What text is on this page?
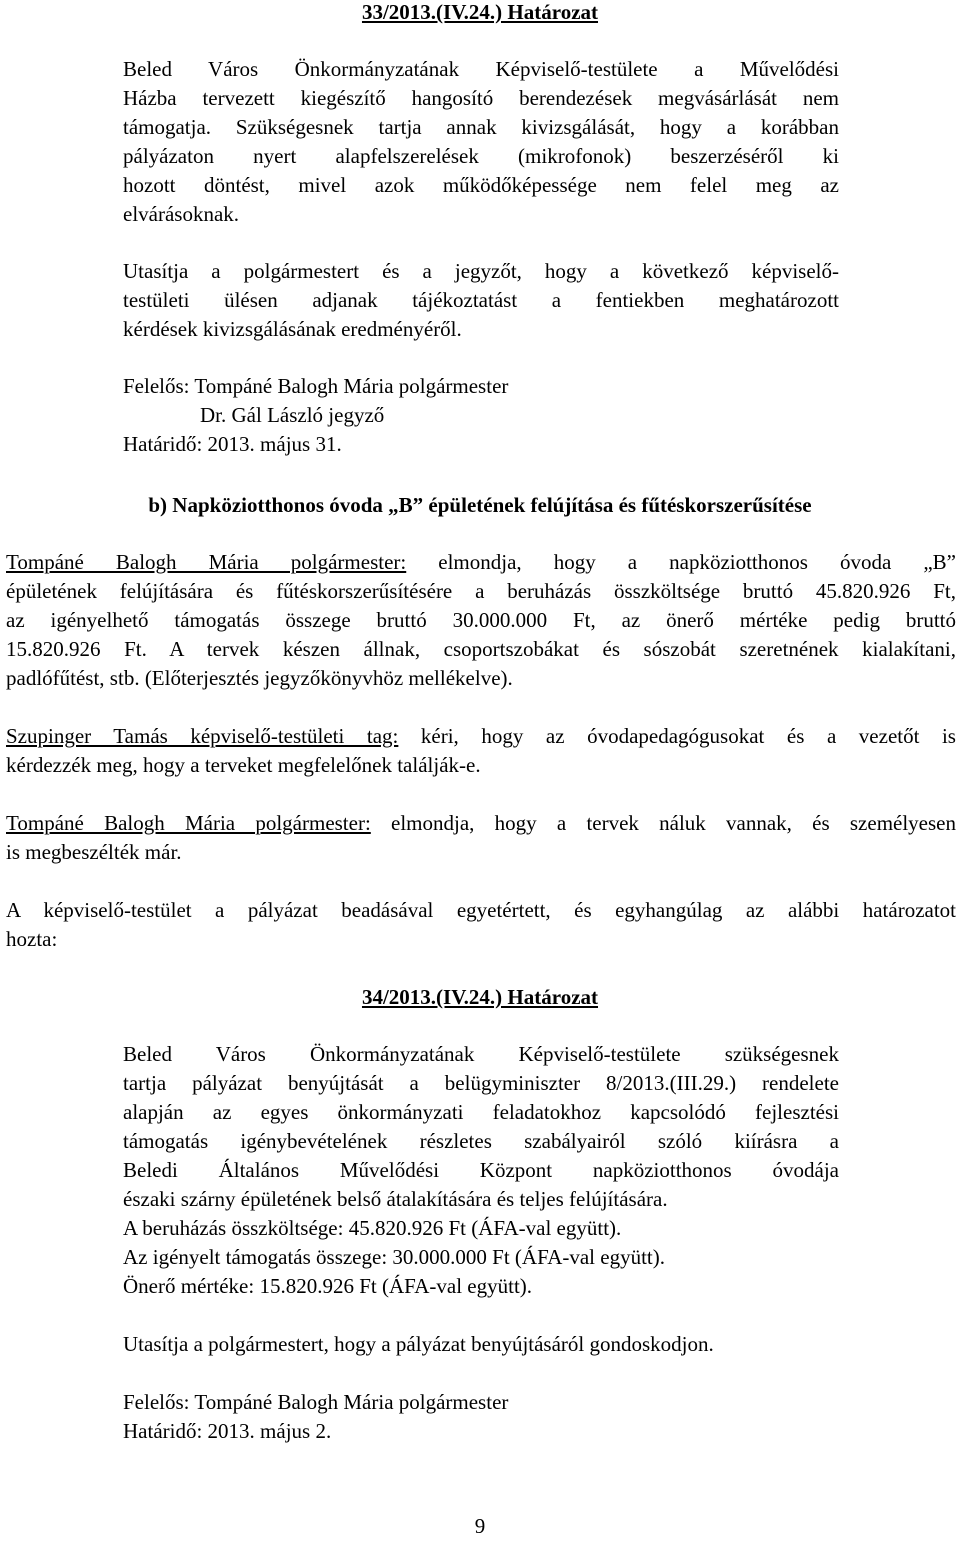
33/2013.(IV.24.) Határozat
Beled Város Önkormányzatának Képviselő-testülete a Művelődési
Házba tervezett kiegészítő hangosító berendezések megvásárlását nem
támogatja. Szükségesnek tartja annak kivizsgálását, hogy a korábban
pályázaton nyert alapfelszerelések (mikrofonok) beszerzéséről ki
hozott döntést, mivel azok működőképessége nem felel meg az
elvárásoknak.
Utasítja a polgármestert és a jegyzőt, hogy a következő képviselő-
testületi ülésen adjanak tájékoztatást a fentiekben meghatározott
kérdések kivizsgálásának eredményéről.
Felelős: Tompáné Balogh Mária polgármester
Dr. Gál László jegyző
Határidő: 2013. május 31.
b) Napköziotthonos óvoda „B” épületének felújítása és fűtéskorszerűsítése
Tompáné Balogh Mária polgármester: elmondja, hogy a napköziotthonos óvoda „B”
épületének felújítására és fűtéskorszerűsítésére a beruházás összköltsége bruttó 45.820.926 Ft,
az igényelhető támogatás összege bruttó 30.000.000 Ft, az önerő mértéke pedig bruttó
15.820.926 Ft. A tervek készen állnak, csoportszobákat és sószobát szeretnének kialakítani,
padlófűtést, stb. (Előterjesztés jegyzőkönyvhöz mellékelve).
Szupinger Tamás képviselő-testületi tag: kéri, hogy az óvodapedagógusokat és a vezetőt is
kérdezzék meg, hogy a terveket megfelelőnek találják-e.
Tompáné Balogh Mária polgármester: elmondja, hogy a tervek náluk vannak, és személyesen
is megbeszélték már.
A képviselő-testület a pályázat beadásával egyetértett, és egyhangúlag az alábbi határozatot
hozta:
34/2013.(IV.24.) Határozat
Beled Város Önkormányzatának Képviselő-testülete szükségesnek
tartja pályázat benyújtását a belügyminiszter 8/2013.(III.29.) rendelete
alapján az egyes önkormányzati feladatokhoz kapcsolódó fejlesztési
támogatás igénybevételének részletes szabályairól szóló kiírásra a
Beledi Általános Művelődési Központ napköziotthonos óvodája
északi szárny épületének belső átalakítására és teljes felújítására.
A beruházás összköltsége: 45.820.926 Ft (ÁFA-val együtt).
Az igényelt támogatás összege: 30.000.000 Ft (ÁFA-val együtt).
Önerő mértéke: 15.820.926 Ft (ÁFA-val együtt).
Utasítja a polgármestert, hogy a pályázat benyújtásáról gondoskodjon.
Felelős: Tompáné Balogh Mária polgármester
Határidő: 2013. május 2.
9
